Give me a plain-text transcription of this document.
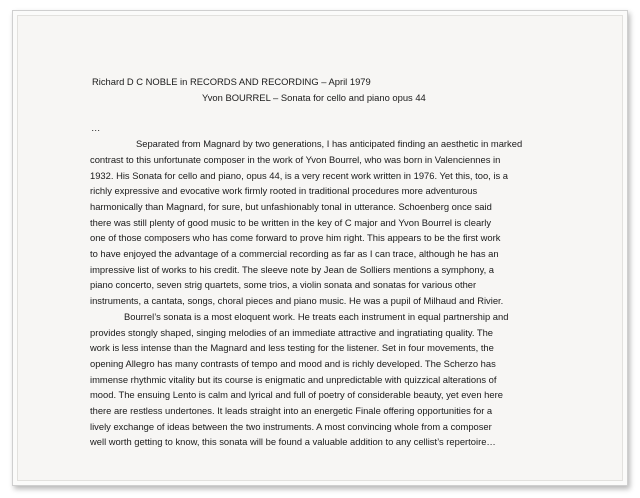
Richard D C NOBLE in RECORDS AND RECORDING – April 1979
Yvon BOURREL – Sonata for cello and piano opus 44
…
Separated from Magnard by two generations, I has anticipated finding an aesthetic in marked
contrast to this unfortunate composer in the work of Yvon Bourrel, who was born in Valenciennes in
1932. His Sonata for cello and piano, opus 44, is a very recent work written in 1976. Yet this, too, is a
richly expressive and evocative work firmly rooted in traditional procedures more adventurous
harmonically than Magnard, for sure, but unfashionably tonal in utterance. Schoenberg once said
there was still plenty of good music to be written in the key of C major and Yvon Bourrel is clearly
one of those composers who has come forward to prove him right. This appears to be the first work
to have enjoyed the advantage of a commercial recording as far as I can trace, although he has an
impressive list of works to his credit. The sleeve note by Jean de Solliers mentions a symphony, a
piano concerto, seven strig quartets, some trios, a violin sonata and sonatas for various other
instruments, a cantata, songs, choral pieces and piano music. He was a pupil of Milhaud and Rivier.
Bourrel’s sonata is a most eloquent work. He treats each instrument in equal partnership and
provides stongly shaped, singing melodies of an immediate attractive and ingratiating quality. The
work is less intense than the Magnard and less testing for the listener. Set in four movements, the
opening Allegro has many contrasts of tempo and mood and is richly developed. The Scherzo has
immense rhythmic vitality but its course is enigmatic and unpredictable with quizzical alterations of
mood. The ensuing Lento is calm and lyrical and full of poetry of considerable beauty, yet even here
there are restless undertones. It leads straight into an energetic Finale offering opportunities for a
lively exchange of ideas between the two instruments. A most convincing whole from a composer
well worth getting to know, this sonata will be found a valuable addition to any cellist’s repertoire…
